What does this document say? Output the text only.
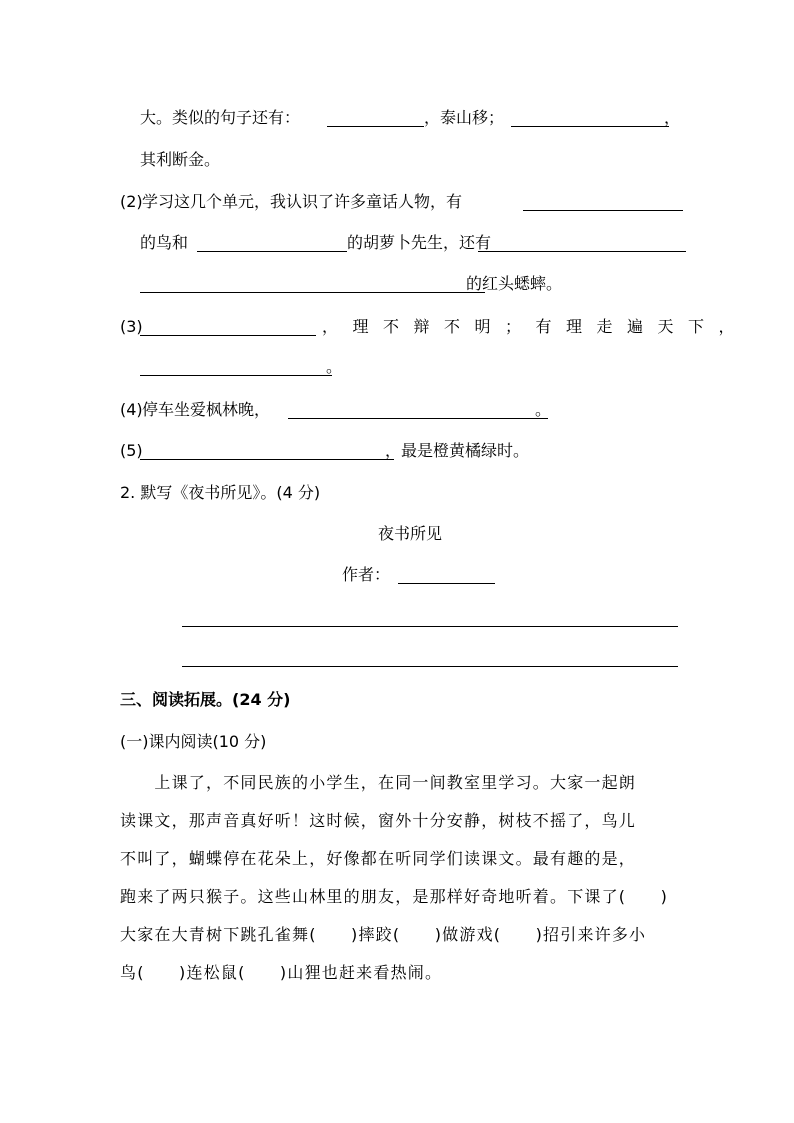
大。类似的句子还有：	，泰山移；	，
其利断金。
(2) 学习这几个单元，我认识了许多童话人物，有
的鸟和	的胡萝卜先生，还有
的红头蟋蟀。
(3)	，理不辩不明；有理走遍天下，
。
(4) 停车坐爱枫林晚，	。
(5)	，最是橙黄橘绿时。
2. 默写《夜书所见》。(4 分)
夜书所见
作者：
三、阅读拓展。(24 分)
(一)课内阅读(10 分)

　　上课了，不同民族的小学生，在同一间教室里学习。大家一起朗

读课文，那声音真好听！这时候，窗外十分安静，树枝不摇了，鸟儿

不叫了，蝴蝶停在花朵上，好像都在听同学们读课文。最有趣的是，

跑来了两只猴子。这些山林里的朋友，是那样好奇地听着。下课了(　　)

大家在大青树下跳孔雀舞(　　)摔跤(　　)做游戏(　　)招引来许多小

鸟(　　)连松鼠(　　)山狸也赶来看热闹。
